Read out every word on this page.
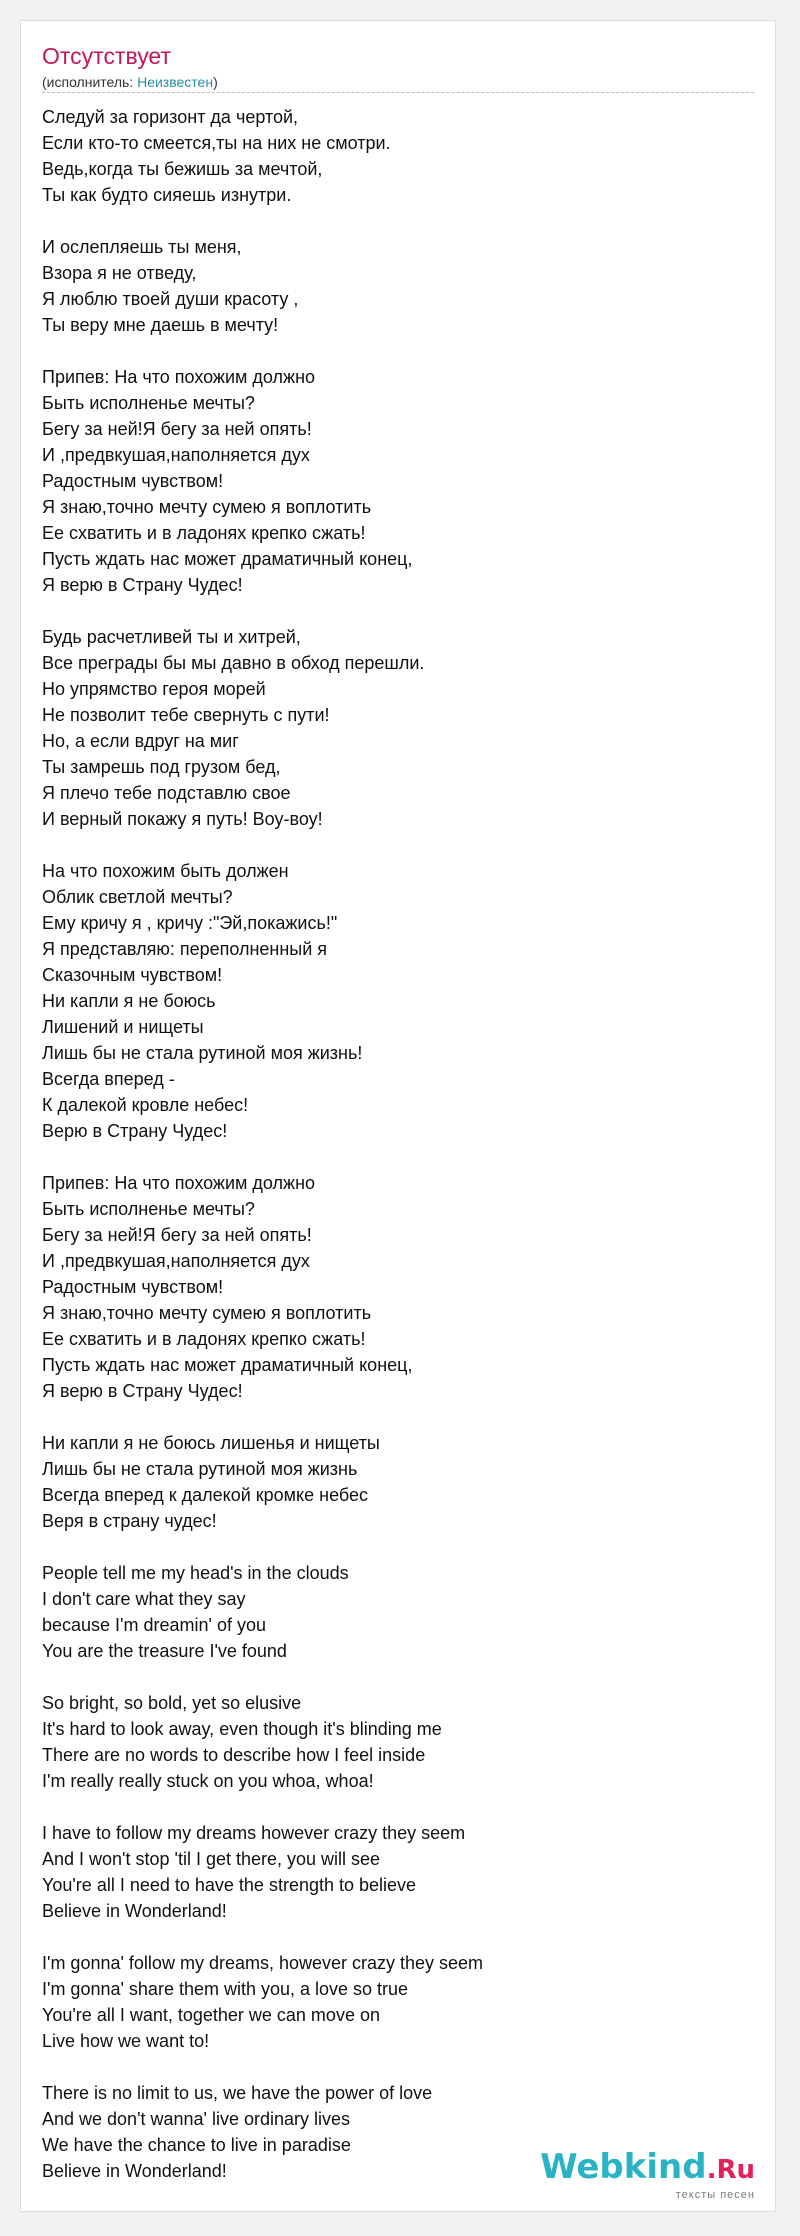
Отсутствует
(исполнитель: Неизвестен)
Следуй за горизонт да чертой,
Если кто-то смеется,ты на них не смотри.
Ведь,когда ты бежишь за мечтой,
Ты как будто сияешь изнутри.
И ослепляешь ты меня,
Взора я не отведу,
Я люблю твоей души красоту ,
Ты веру мне даешь в мечту!
Припев: На что похожим должно
Быть исполненье мечты?
Бегу за ней!Я бегу за ней опять!
И ,предвкушая,наполняется дух
Радостным чувством!
Я знаю,точно мечту сумею я воплотить
Ее схватить и в ладонях крепко сжать!
Пусть ждать нас может драматичный конец,
Я верю в Страну Чудес!
Будь расчетливей ты и хитрей,
Все преграды бы мы давно в обход перешли.
Но упрямство героя морей
Не позволит тебе свернуть с пути!
Но, а если вдруг на миг
Ты замрешь под грузом бед,
Я плечо тебе подставлю свое
И верный покажу я путь! Воу-воу!
На что похожим быть должен
Облик светлой мечты?
Ему кричу я , кричу :"Эй,покажись!"
Я представляю: переполненный я
Сказочным чувством!
Ни капли я не боюсь
Лишений и нищеты
Лишь бы не стала рутиной моя жизнь!
Всегда вперед -
К далекой кровле небес!
Верю в Страну Чудес!
Припев: На что похожим должно
Быть исполненье мечты?
Бегу за ней!Я бегу за ней опять!
И ,предвкушая,наполняется дух
Радостным чувством!
Я знаю,точно мечту сумею я воплотить
Ее схватить и в ладонях крепко сжать!
Пусть ждать нас может драматичный конец,
Я верю в Страну Чудес!
Ни капли я не боюсь лишенья и нищеты
Лишь бы не стала рутиной моя жизнь
Всегда вперед к далекой кромке небес
Веря в страну чудес!
People tell me my head's in the clouds
I don't care what they say
because I'm dreamin' of you
You are the treasure I've found
So bright, so bold, yet so elusive
It's hard to look away, even though it's blinding me
There are no words to describe how I feel inside
I'm really really stuck on you whoa, whoa!
I have to follow my dreams however crazy they seem
And I won't stop 'til I get there, you will see
You're all I need to have the strength to believe
Believe in Wonderland!
I'm gonna' follow my dreams, however crazy they seem
I'm gonna' share them with you, a love so true
You're all I want, together we can move on
Live how we want to!
There is no limit to us, we have the power of love
And we don't wanna' live ordinary lives
We have the chance to live in paradise
Believe in Wonderland!	Webkind.Ru
тексты песен
